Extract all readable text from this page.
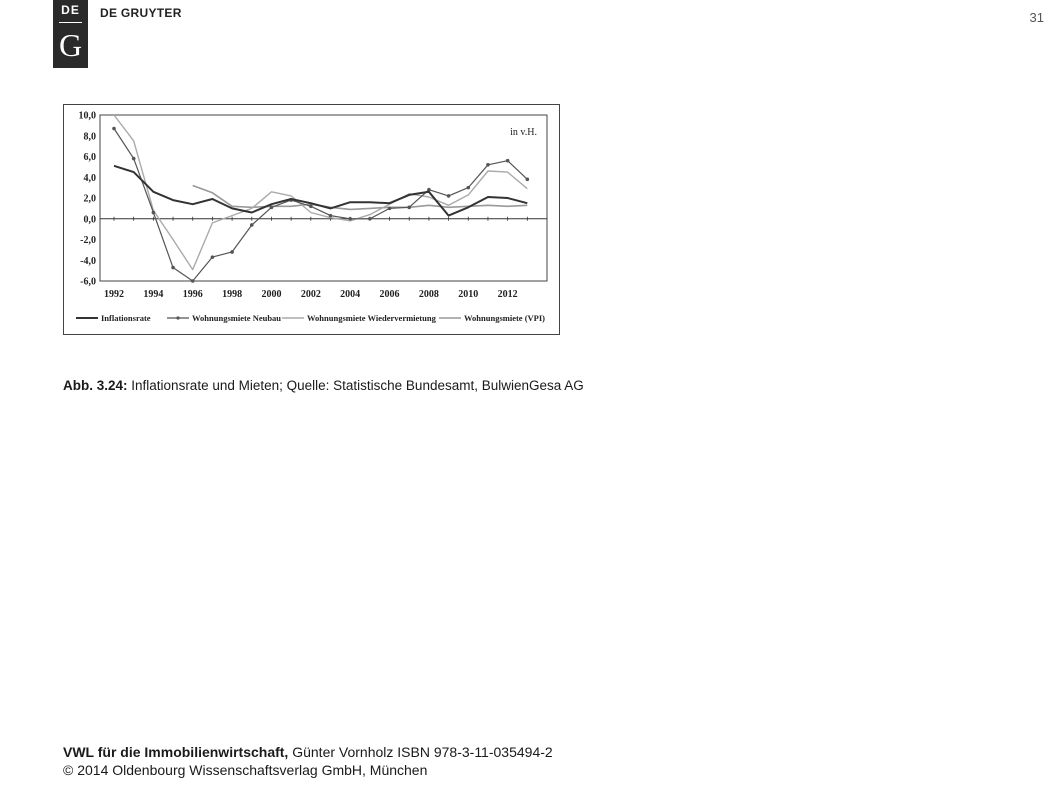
DE
G
DE GRUYTER	31
10,0
8,0
6,0
4,0
2,0
0,0
-2,0
-4,0
-6,0
1992 1994 1996 1998 2000 2002 2004 2006 2008 2010 2012
in v.H.
Inflationsrate	Wohnungsmiete Neubau	Wohnungsmiete Wiedervermietung	Wohnungsmiete (VPI)
Abb. 3.24: Inflationsrate und Mieten; Quelle: Statistische Bundesamt, BulwienGesa AG
VWL für die Immobilienwirtschaft, Günter Vornholz ISBN 978-3-11-035494-2
© 2014 Oldenbourg Wissenschaftsverlag GmbH, München
